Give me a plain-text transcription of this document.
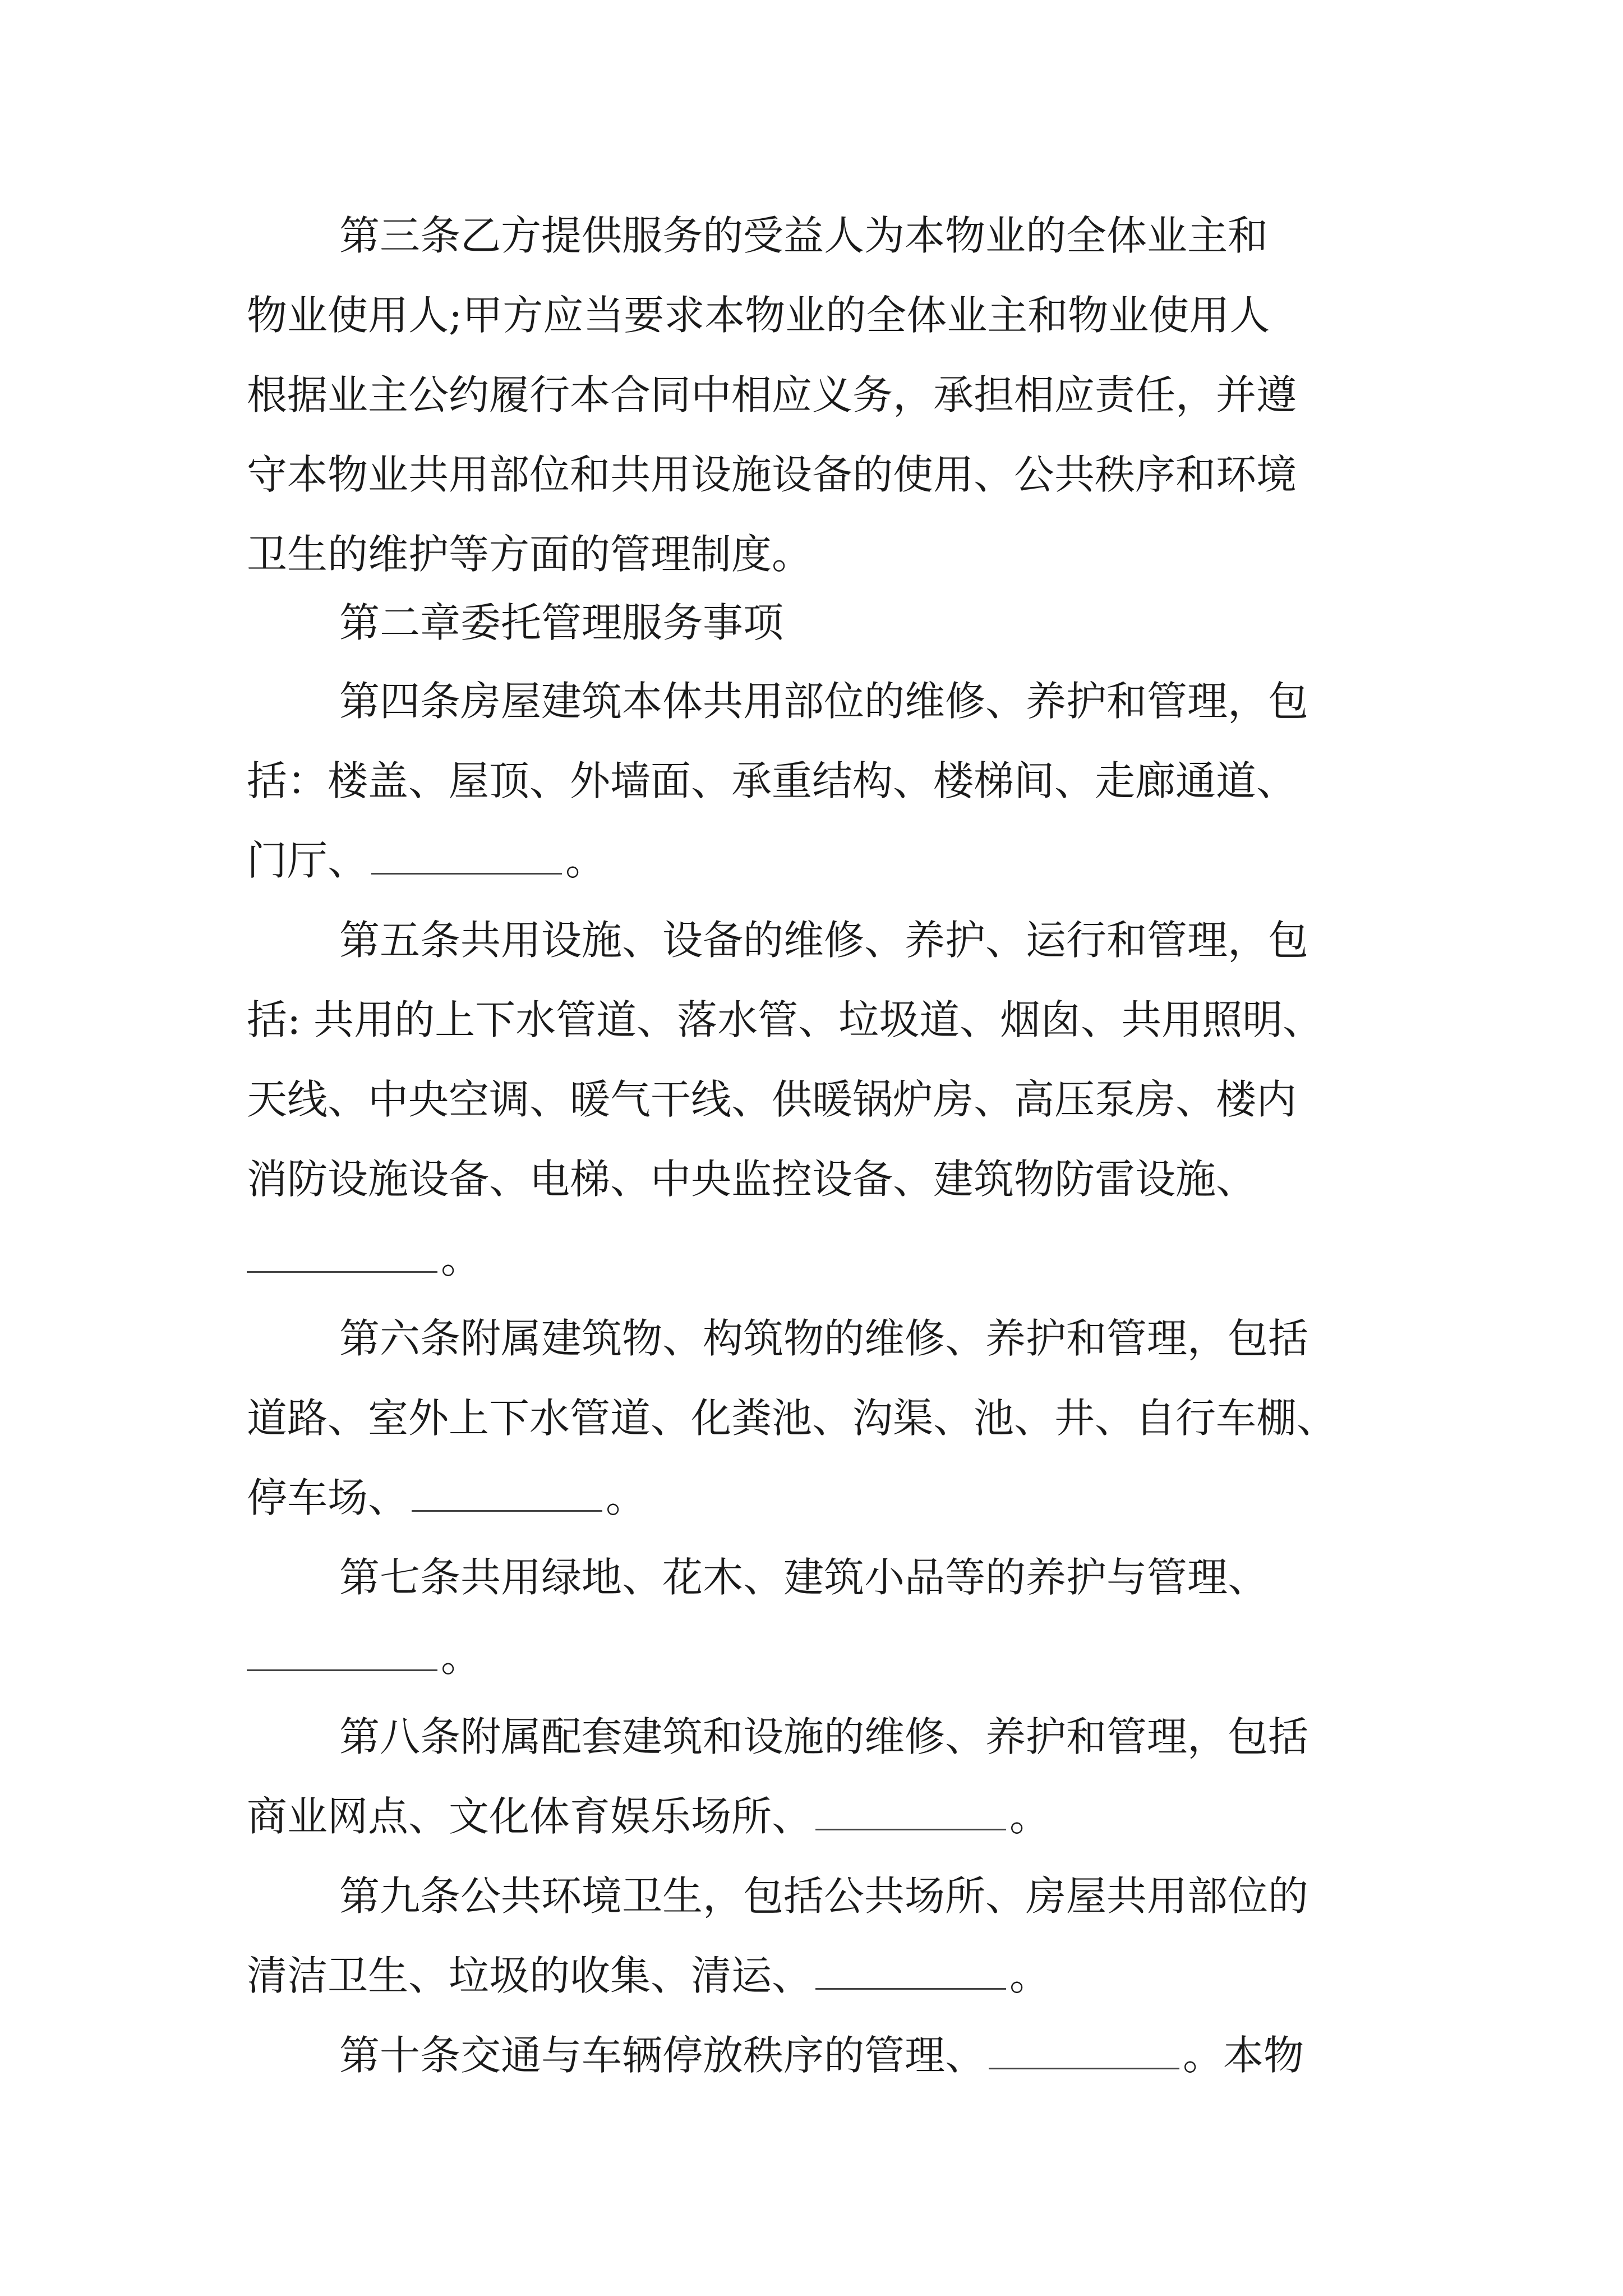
第三条乙方提供服务的受益人为本物业的全体业主和

物业使用人;甲方应当要求本物业的全体业主和物业使用人

根据业主公约履行本合同中相应义务，承担相应责任，并遵

守本物业共用部位和共用设施设备的使用、公共秩序和环境

卫生的维护等方面的管理制度。

第二章委托管理服务事项

第四条房屋建筑本体共用部位的维修、养护和管理，包

括：楼盖、屋顶、外墙面、承重结构、楼梯间、走廊通道、

门厅、	。

第五条共用设施、设备的维修、养护、运行和管理，包

括: 共用的上下水管道、落水管、垃圾道、烟囱、共用照明、

天线、中央空调、暖气干线、供暖锅炉房、高压泵房、楼内

消防设施设备、电梯、中央监控设备、建筑物防雷设施、

。

第六条附属建筑物、构筑物的维修、养护和管理，包括

道路、室外上下水管道、化粪池、沟渠、池、井、自行车棚、

停车场、	。

第七条共用绿地、花木、建筑小品等的养护与管理、

。

第八条附属配套建筑和设施的维修、养护和管理，包括

商业网点、文化体育娱乐场所、	。

第九条公共环境卫生，包括公共场所、房屋共用部位的

清洁卫生、垃圾的收集、清运、	。

第十条交通与车辆停放秩序的管理、	。本物
